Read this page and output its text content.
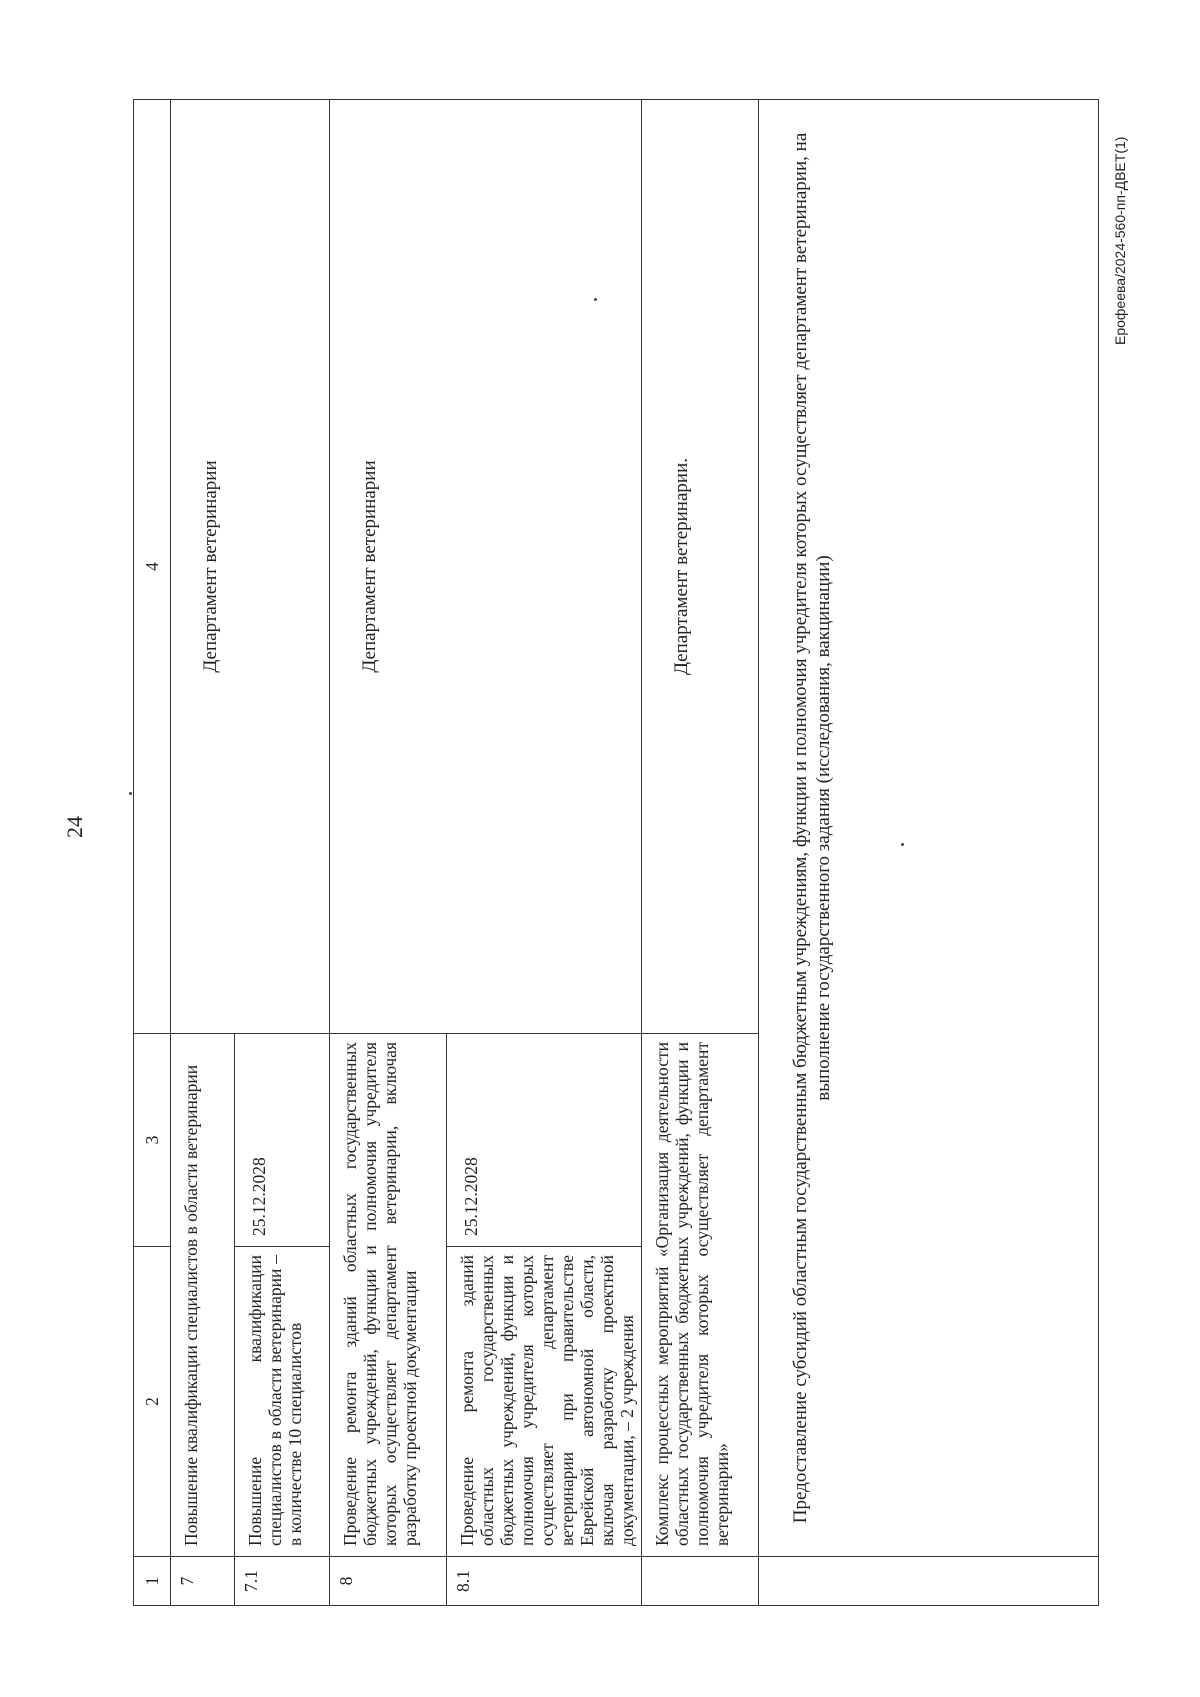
24
Ерофеева/2024-560-пп-ДВЕТ(1)
1	2	3	4
7	Повышение квалификации специалистов в области ветеринарии		Департамент ветеринарии

7.1	Повышение квалификации специалистов в области ветеринарии – в количестве 10 специалистов	25.12.2028	

8	Проведение ремонта зданий областных государственных бюджетных учреждений, функции и полномочия учредителя которых осуществляет департамент ветеринарии, включая разработку проектной документации		Департамент ветеринарии

8.1	Проведение ремонта зданий областных государственных бюджетных учреждений, функции и полномочия учредителя которых осуществляет департамент ветеринарии при правительстве Еврейской автономной области, включая разработку проектной документации, – 2 учреждения	25.12.2028	

	Комплекс процессных мероприятий «Организация деятельности областных государственных бюджетных учреждений, функции и полномочия учредителя которых осуществляет департамент ветеринарии»		Департамент ветеринарии.

	Предоставление субсидий областным государственным бюджетным учреждениям, функции и полномочия учредителя которых осуществляет департамент ветеринарии, на выполнение государственного задания (исследования, вакцинации)		
